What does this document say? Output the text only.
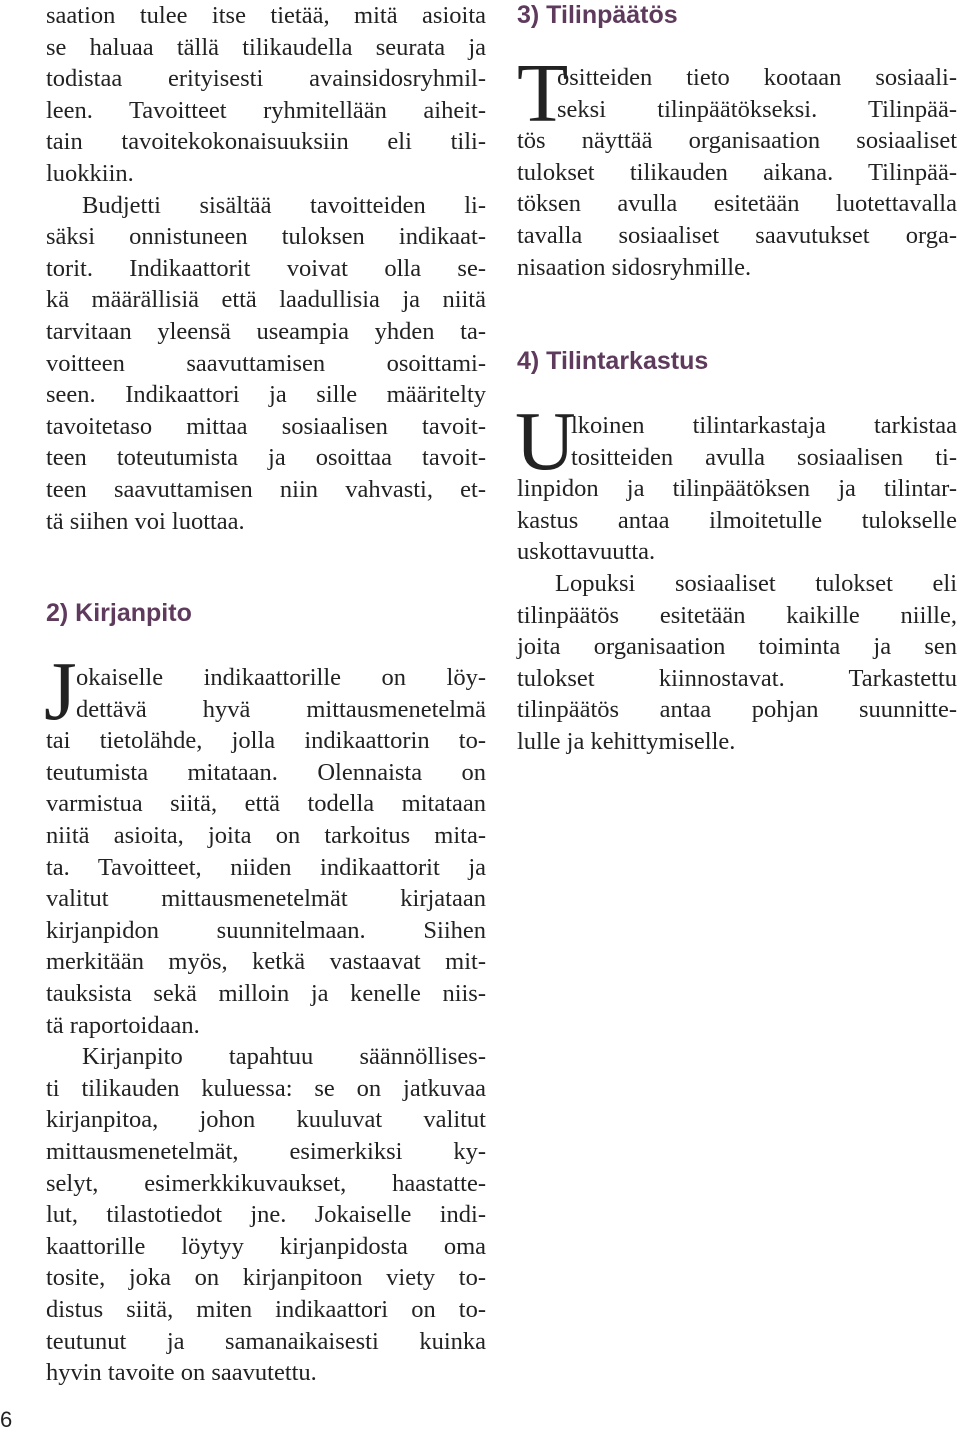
saation tulee itse tietää, mitä asioita
se haluaa tällä tilikaudella seurata ja
todistaa erityisesti avainsidosryhmil-
leen. Tavoitteet ryhmitellään aiheit-
tain tavoitekokonaisuuksiin eli tili-
luokkiin.
Budjetti sisältää tavoitteiden li-
säksi onnistuneen tuloksen indikaat-
torit. Indikaattorit voivat olla se-
kä määrällisiä että laadullisia ja niitä
tarvitaan yleensä useampia yhden ta-
voitteen saavuttamisen osoittami-
seen. Indikaattori ja sille määritelty
tavoitetaso mittaa sosiaalisen tavoit-
teen toteutumista ja osoittaa tavoit-
teen saavuttamisen niin vahvasti, et-
tä siihen voi luottaa.
2) Kirjanpito
J okaiselle indikaattorille on löy-
dettävä hyvä mittausmenetelmä
tai tietolähde, jolla indikaattorin to-
teutumista mitataan. Olennaista on
varmistua siitä, että todella mitataan
niitä asioita, joita on tarkoitus mita-
ta. Tavoitteet, niiden indikaattorit ja
valitut mittausmenetelmät kirjataan
kirjanpidon suunnitelmaan. Siihen
merkitään myös, ketkä vastaavat mit-
tauksista sekä milloin ja kenelle niis-
tä raportoidaan.
Kirjanpito tapahtuu säännöllises-
ti tilikauden kuluessa: se on jatkuvaa
kirjanpitoa, johon kuuluvat valitut
mittausmenetelmät, esimerkiksi ky-
selyt, esimerkkikuvaukset, haastatte-
lut, tilastotiedot jne. Jokaiselle indi-
kaattorille löytyy kirjanpidosta oma
tosite, joka on kirjanpitoon viety to-
distus siitä, miten indikaattori on to-
teutunut ja samanaikaisesti kuinka
hyvin tavoite on saavutettu.
3) Tilinpäätös
T
ositteiden tieto kootaan sosiaali-
seksi tilinpäätökseksi. Tilinpää-
tös näyttää organisaation sosiaaliset
tulokset tilikauden aikana. Tilinpää-
töksen avulla esitetään luotettavalla
tavalla sosiaaliset saavutukset orga-
nisaation sidosryhmille.
4) Tilintarkastus
U
lkoinen tilintarkastaja tarkistaa
tositteiden avulla sosiaalisen ti-
linpidon ja tilinpäätöksen ja tilintar-
kastus antaa ilmoitetulle tulokselle
uskottavuutta.
Lopuksi sosiaaliset tulokset eli
tilinpäätös esitetään kaikille niille,
joita organisaation toiminta ja sen
tulokset kiinnostavat. Tarkastettu
tilinpäätös antaa pohjan suunnitte-
lulle ja kehittymiselle.
6
